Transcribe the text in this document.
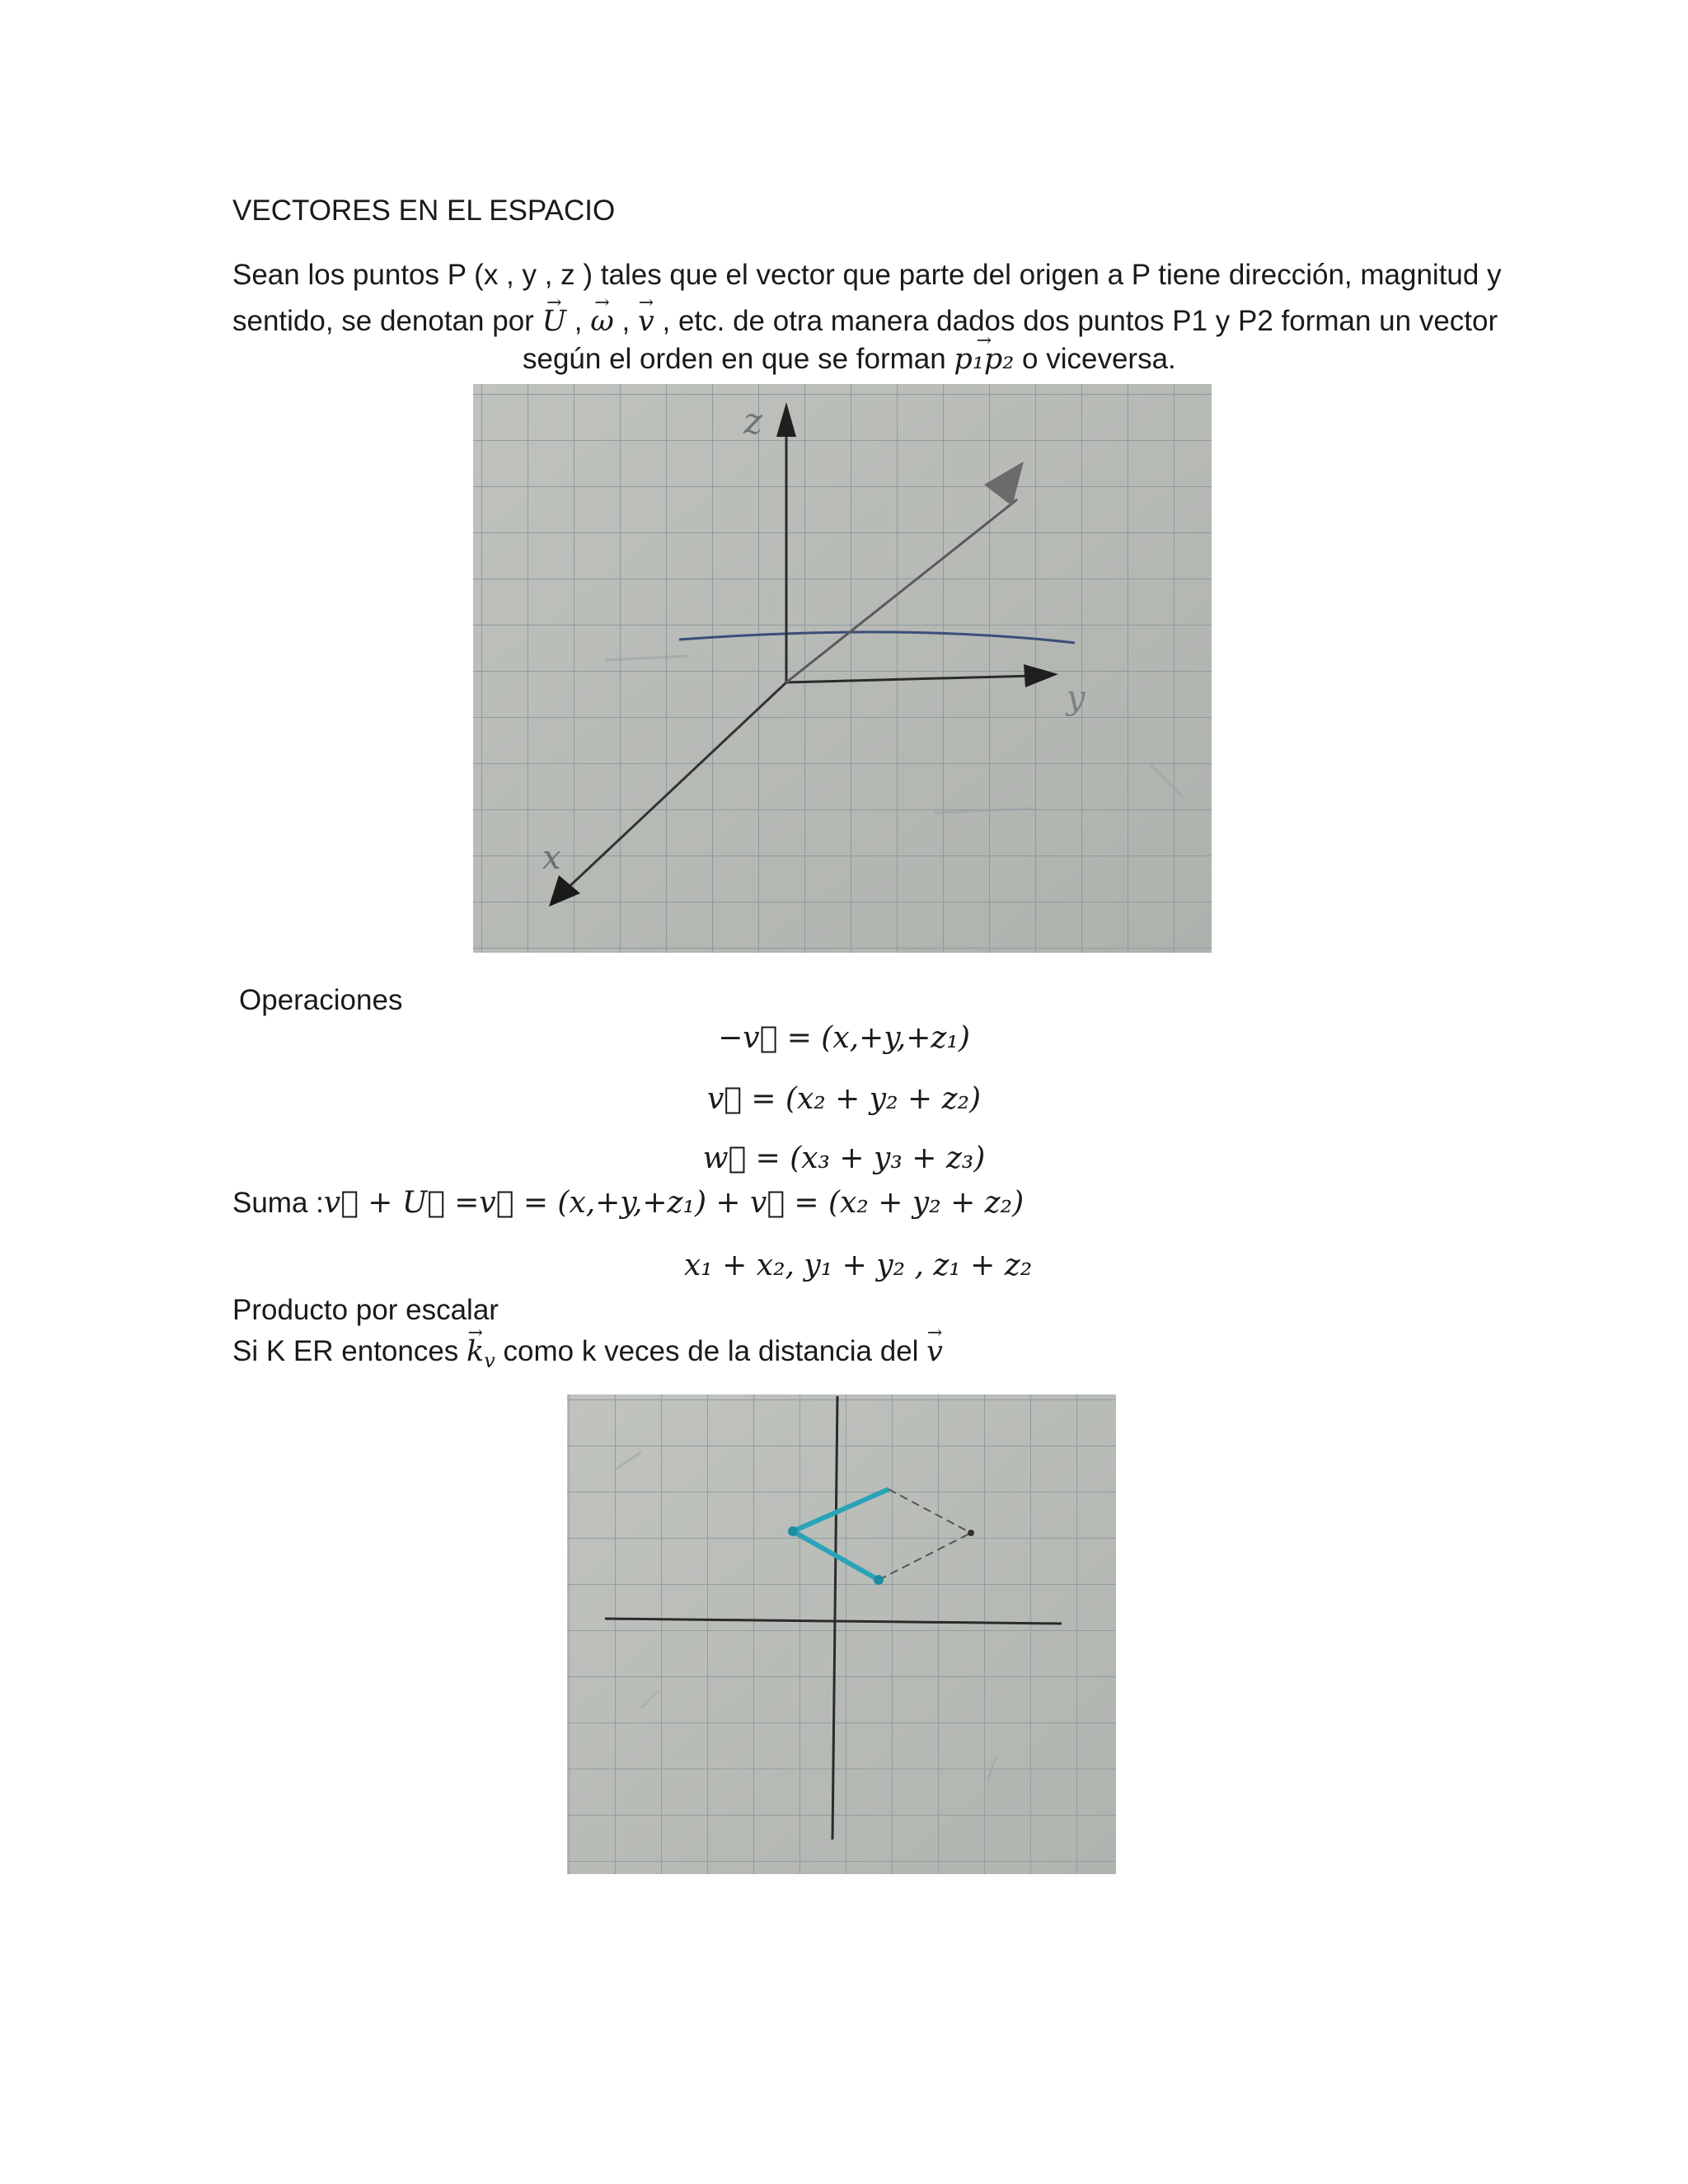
VECTORES EN EL ESPACIO
Sean los puntos P (x , y , z ) tales que el vector que parte del origen a P tiene dirección, magnitud y
sentido, se denotan por → U , → ω , → v , etc. de otra manera dados dos puntos P1 y P2 forman un vector
según el orden en que se forman → p₁p₂ o viceversa.
z
y
x
Operaciones
−v⃗ = (x,+y,+z₁)
v⃗ = (x₂ + y₂ + z₂)
w⃗ = (x₃ + y₃ + z₃)
Suma :v⃗ + U⃗ =v⃗ = (x,+y,+z₁) + v⃗ = (x₂ + y₂ + z₂)
x₁ + x₂, y₁ + y₂ , z₁ + z₂
Producto por escalar
Si K ER entonces → $k_v$ como k veces de la distancia del → v
